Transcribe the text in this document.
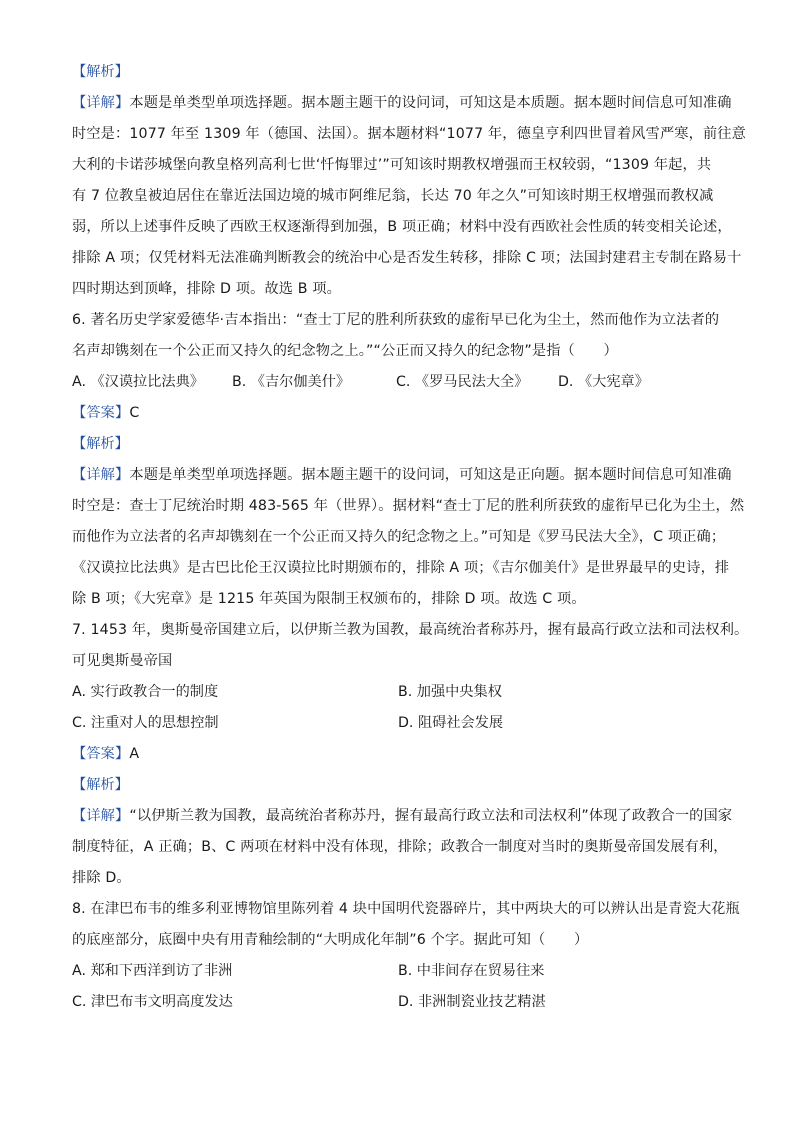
【解析】
【详解】本题是单类型单项选择题。据本题主题干的设问词，可知这是本质题。据本题时间信息可知准确
时空是：1077 年至 1309 年（德国、法国）。据本题材料“1077 年，德皇亨利四世冒着风雪严寒，前往意
大利的卡诺莎城堡向教皇格列高利七世‘忏悔罪过’”可知该时期教权增强而王权较弱，“1309 年起，共
有 7 位教皇被迫居住在靠近法国边境的城市阿维尼翁，长达 70 年之久”可知该时期王权增强而教权减
弱，所以上述事件反映了西欧王权逐渐得到加强，B 项正确；材料中没有西欧社会性质的转变相关论述，
排除 A 项；仅凭材料无法准确判断教会的统治中心是否发生转移，排除 C 项；法国封建君主专制在路易十
四时期达到顶峰，排除 D 项。故选 B 项。
6. 著名历史学家爱德华·吉本指出：“查士丁尼的胜利所获致的虚衔早已化为尘土，然而他作为立法者的
名声却镌刻在一个公正而又持久的纪念物之上。”“公正而又持久的纪念物”是指（　　）
A. 《汉谟拉比法典》	B. 《吉尔伽美什》	C. 《罗马民法大全》	D. 《大宪章》
【答案】C
【解析】
【详解】本题是单类型单项选择题。据本题主题干的设问词，可知这是正向题。据本题时间信息可知准确
时空是：查士丁尼统治时期 483-565 年（世界）。据材料“查士丁尼的胜利所获致的虚衔早已化为尘土，然
而他作为立法者的名声却镌刻在一个公正而又持久的纪念物之上。”可知是《罗马民法大全》，C 项正确；
《汉谟拉比法典》是古巴比伦王汉谟拉比时期颁布的，排除 A 项；《吉尔伽美什》是世界最早的史诗，排
除 B 项；《大宪章》是 1215 年英国为限制王权颁布的，排除 D 项。故选 C 项。
7. 1453 年，奥斯曼帝国建立后，以伊斯兰教为国教，最高统治者称苏丹，握有最高行政立法和司法权利。
可见奥斯曼帝国
A. 实行政教合一的制度	B. 加强中央集权
C. 注重对人的思想控制	D. 阻碍社会发展
【答案】A
【解析】
【详解】“以伊斯兰教为国教，最高统治者称苏丹，握有最高行政立法和司法权利”体现了政教合一的国家
制度特征，A 正确；B、C 两项在材料中没有体现，排除；政教合一制度对当时的奥斯曼帝国发展有利，
排除 D。
8. 在津巴布韦的维多利亚博物馆里陈列着 4 块中国明代瓷器碎片，其中两块大的可以辨认出是青瓷大花瓶
的底座部分，底圈中央有用青釉绘制的“大明成化年制”6 个字。据此可知（　　）
A. 郑和下西洋到访了非洲	B. 中非间存在贸易往来
C. 津巴布韦文明高度发达	D. 非洲制瓷业技艺精湛
